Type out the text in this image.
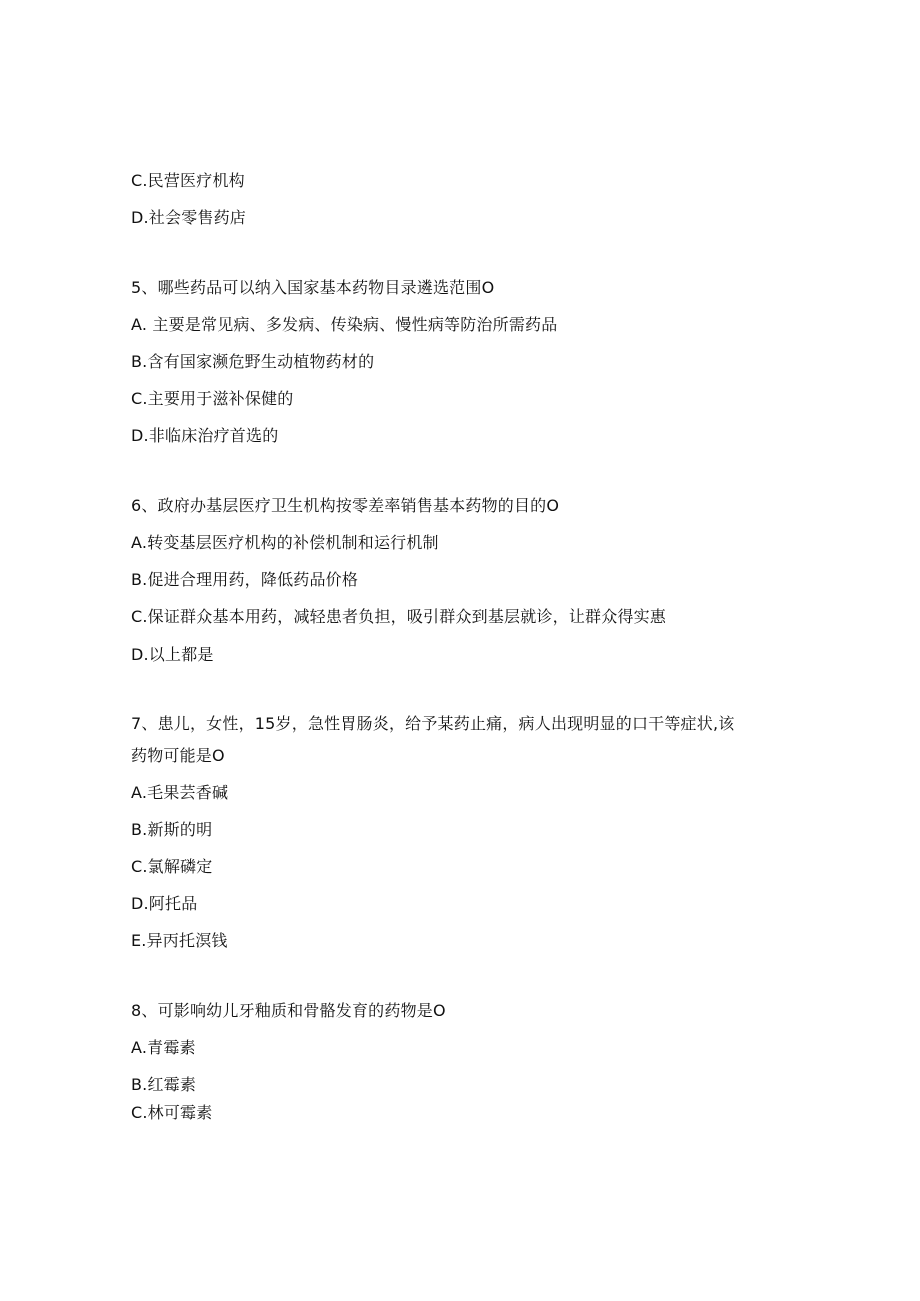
C.民营医疗机构
D.社会零售药店
5、哪些药品可以纳入国家基本药物目录遴选范围O
A. 主要是常见病、多发病、传染病、慢性病等防治所需药品
B.含有国家濒危野生动植物药材的
C.主要用于滋补保健的
D.非临床治疗首选的
6、政府办基层医疗卫生机构按零差率销售基本药物的目的O
A.转变基层医疗机构的补偿机制和运行机制
B.促进合理用药，降低药品价格
C.保证群众基本用药，减轻患者负担，吸引群众到基层就诊，让群众得实惠
D.以上都是
7、患儿，女性，15岁，急性胃肠炎，给予某药止痛，病人出现明显的口干等症状,该
药物可能是O
A.毛果芸香碱
B.新斯的明
C.氯解磷定
D.阿托品
E.异丙托溟钱
8、可影响幼儿牙釉质和骨骼发育的药物是O
A.青霉素
B.红霉素
C.林可霉素
